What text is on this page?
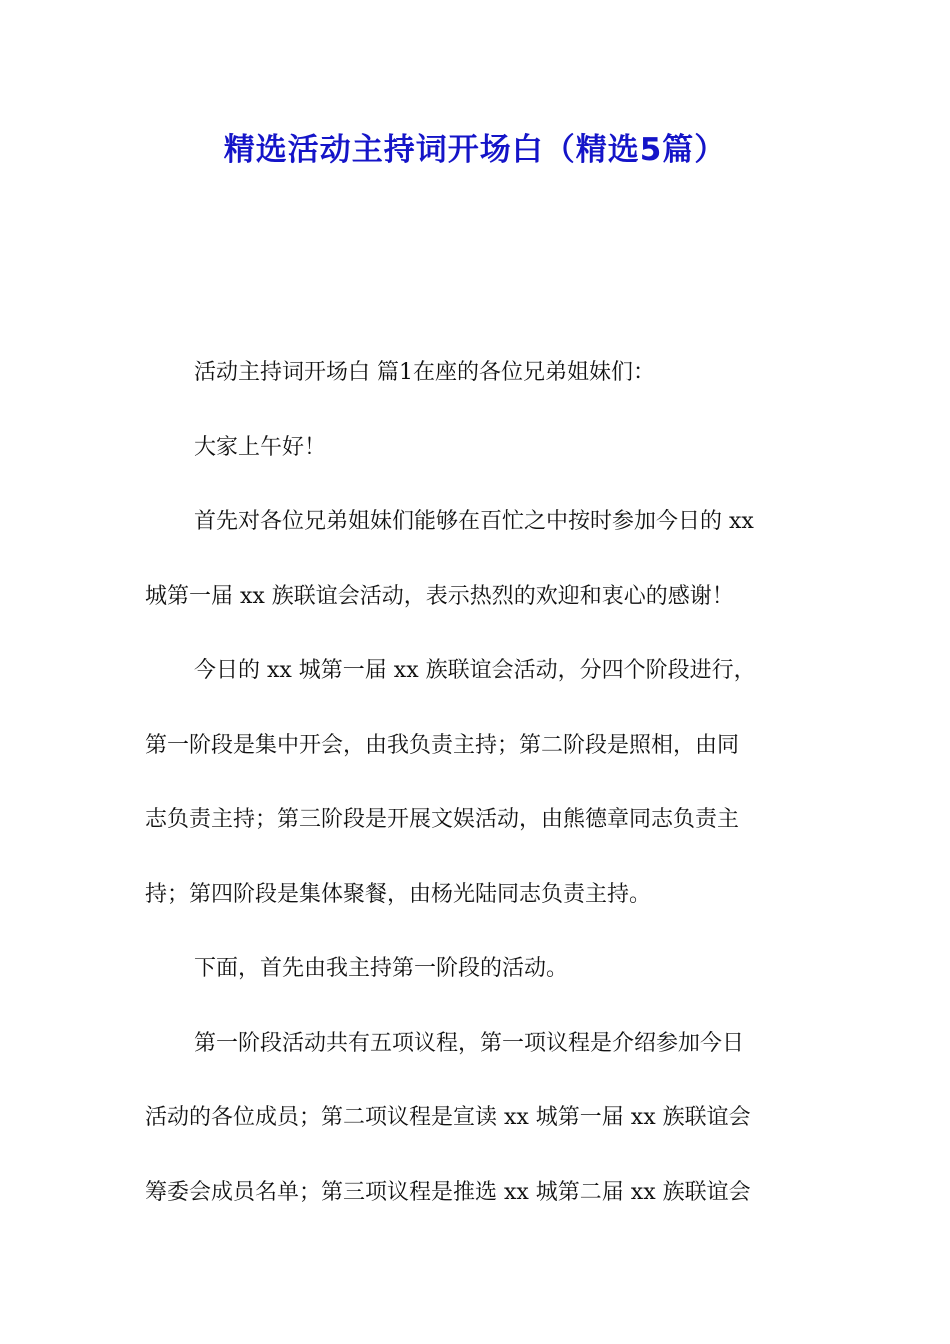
精选活动主持词开场白（精选5篇）

活动主持词开场白 篇1在座的各位兄弟姐妹们：

大家上午好！

首先对各位兄弟姐妹们能够在百忙之中按时参加今日的 xx
城第一届 xx 族联谊会活动，表示热烈的欢迎和衷心的感谢！

今日的 xx 城第一届 xx 族联谊会活动，分四个阶段进行，
第一阶段是集中开会，由我负责主持；第二阶段是照相，由同
志负责主持；第三阶段是开展文娱活动，由熊德章同志负责主
持；第四阶段是集体聚餐，由杨光陆同志负责主持。

下面，首先由我主持第一阶段的活动。

第一阶段活动共有五项议程，第一项议程是介绍参加今日
活动的各位成员；第二项议程是宣读 xx 城第一届 xx 族联谊会
筹委会成员名单；第三项议程是推选 xx 城第二届 xx 族联谊会
